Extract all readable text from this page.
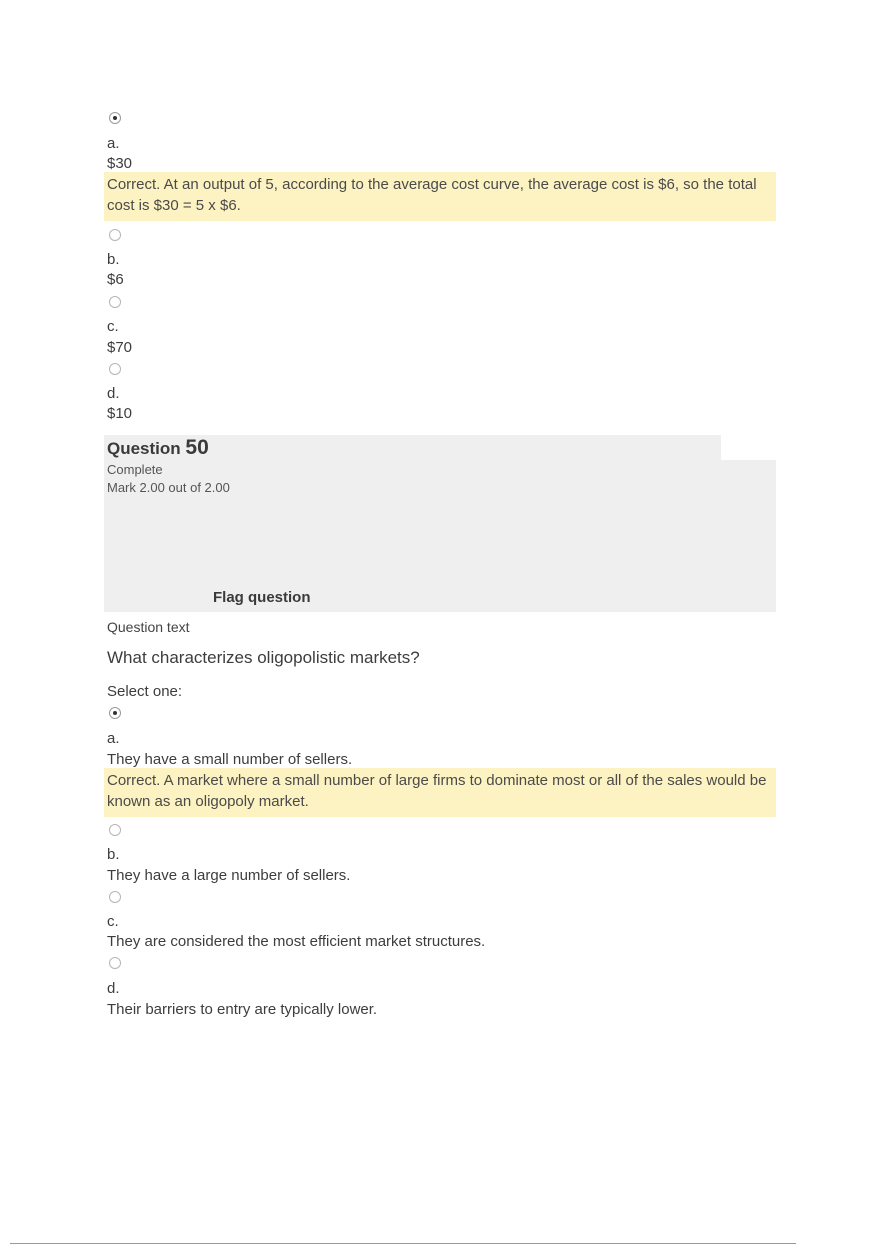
a.
$30
Correct. At an output of 5, according to the average cost curve, the average cost is $6, so the total cost is $30 = 5 x $6.
b.
$6
c.
$70
d.
$10
Question 50
Complete
Mark 2.00 out of 2.00
Flag question
Question text
What characterizes oligopolistic markets?
Select one:
a.
They have a small number of sellers.
Correct. A market where a small number of large firms to dominate most or all of the sales would be known as an oligopoly market.
b.
They have a large number of sellers.
c.
They are considered the most efficient market structures.
d.
Their barriers to entry are typically lower.
